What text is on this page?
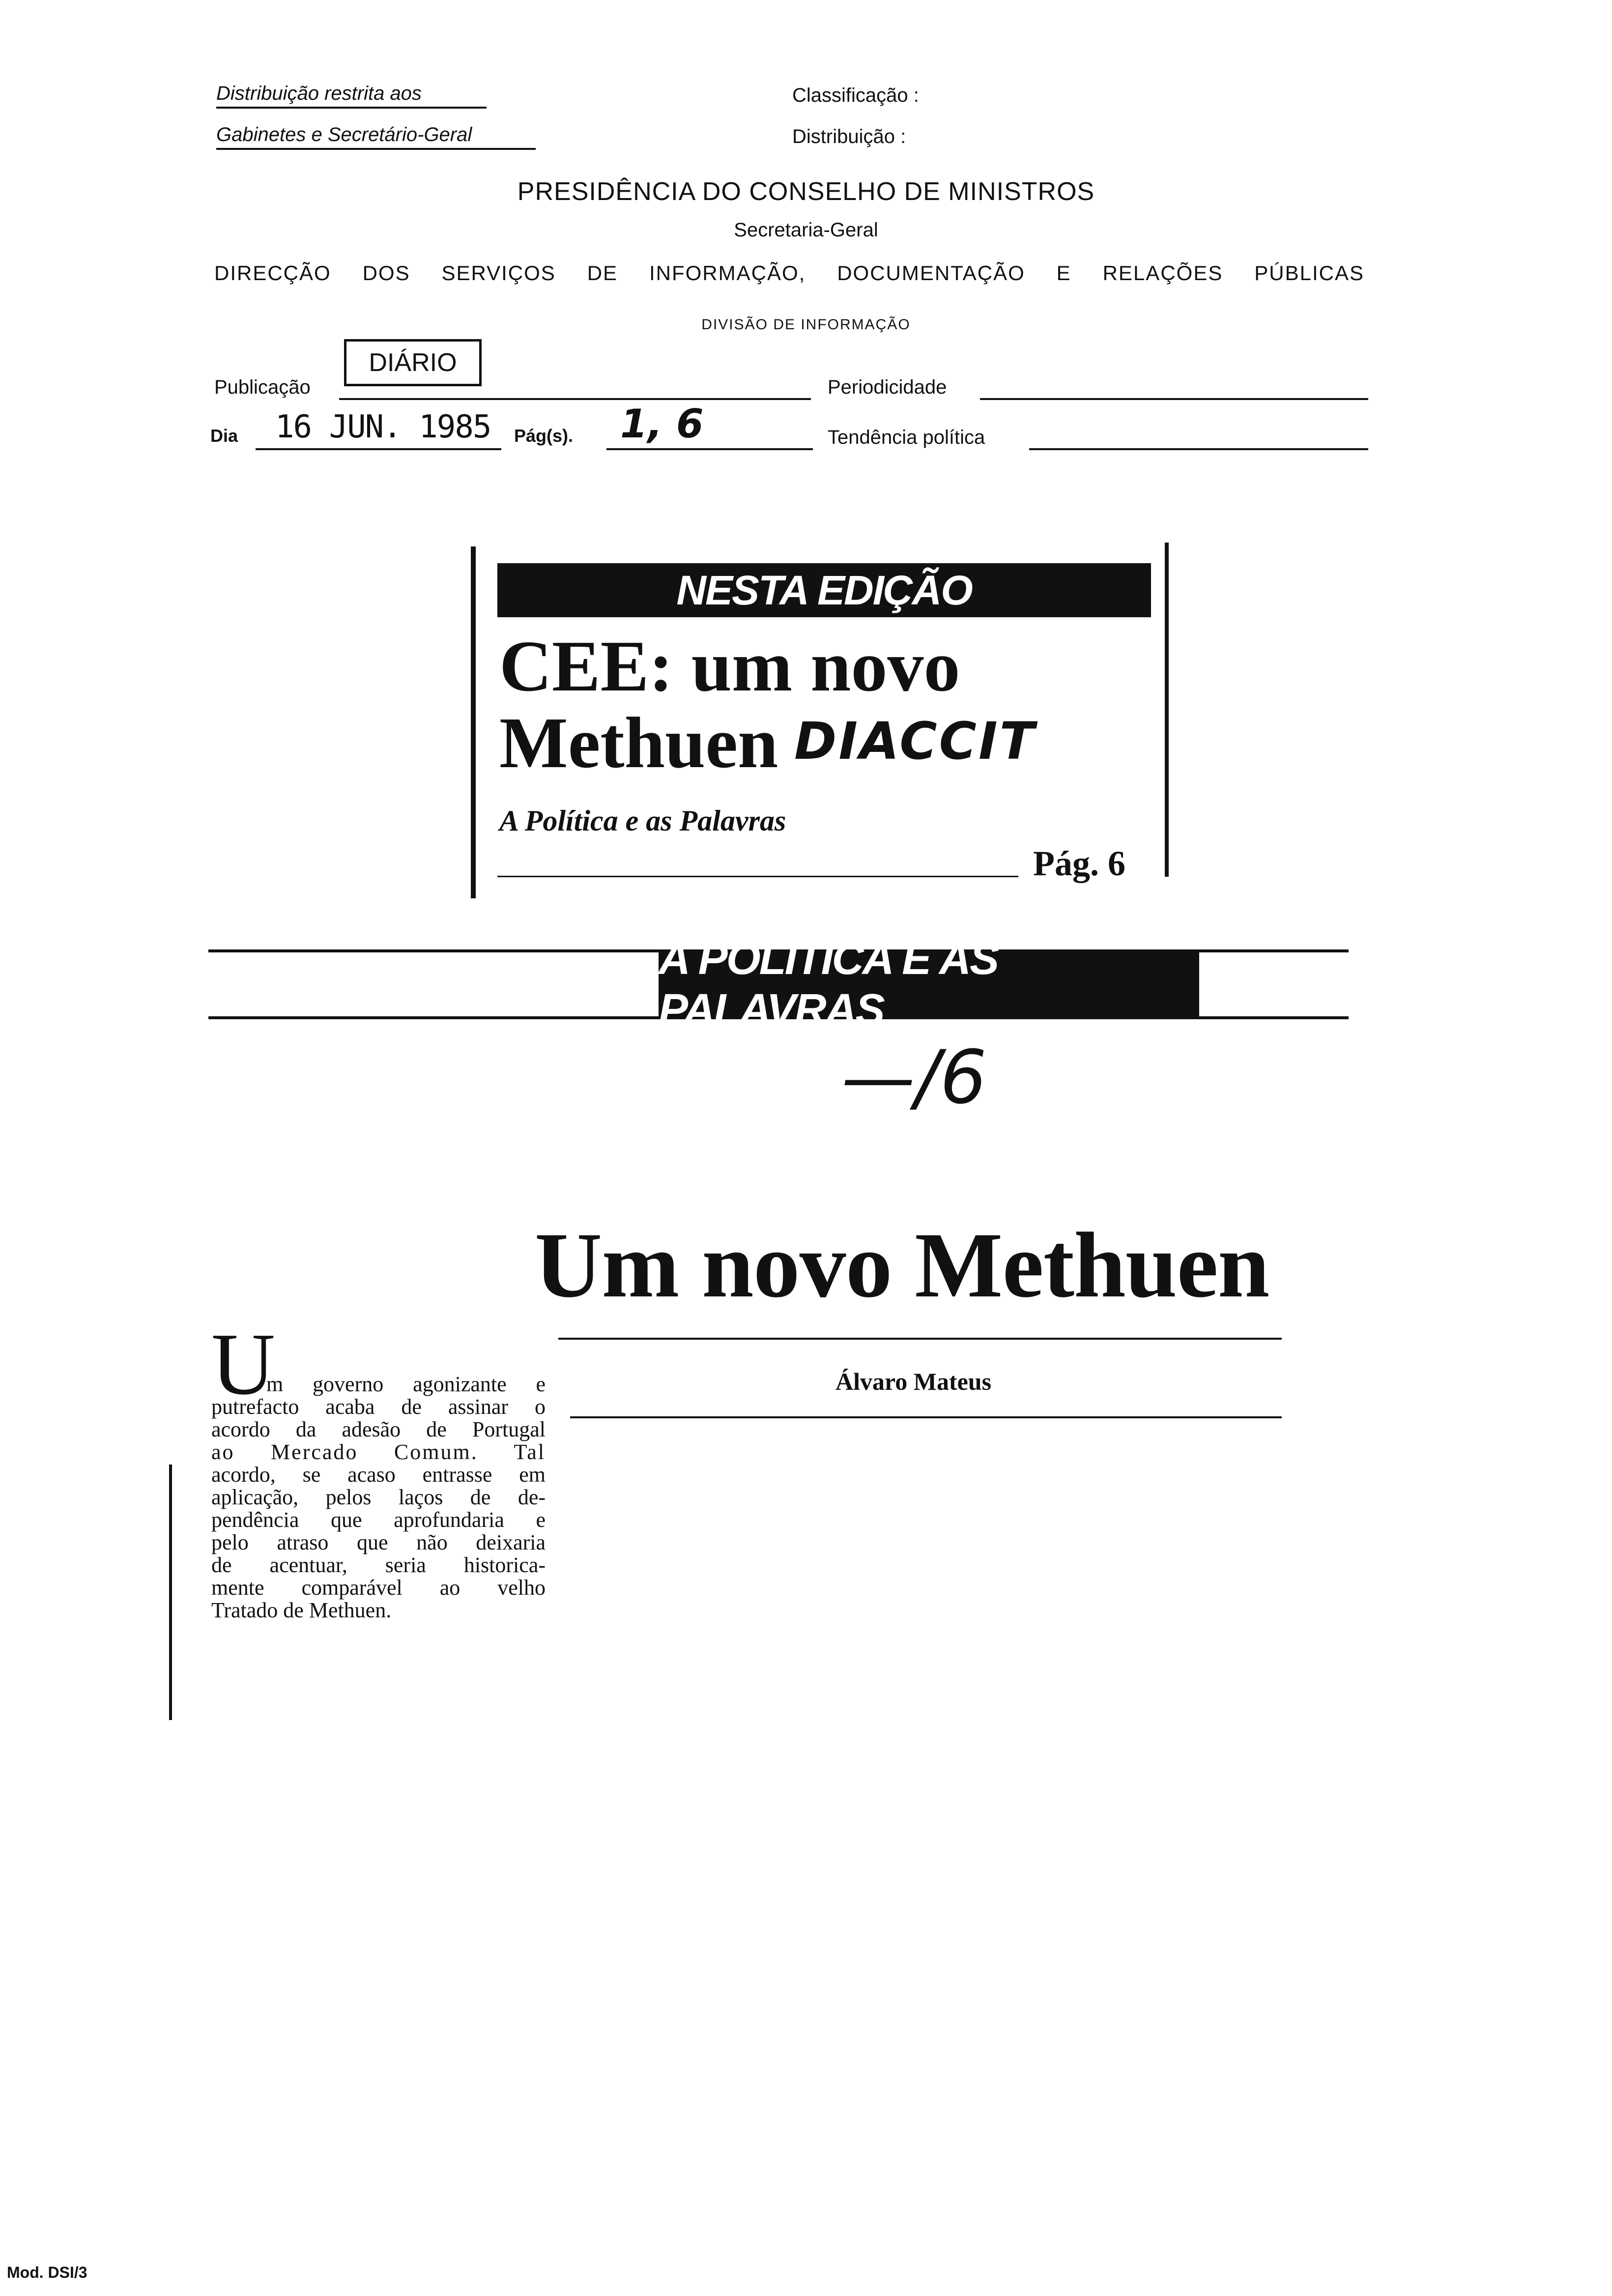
Distribuição restrita aos
Gabinetes e Secretário-Geral
Classificação :
Distribuição :
PRESIDÊNCIA DO CONSELHO DE MINISTROS
Secretaria-Geral
DIRECÇÃO DOS SERVIÇOS DE INFORMAÇÃO, DOCUMENTAÇÃO E RELAÇÕES PÚBLICAS
DIVISÃO DE INFORMAÇÃO
Publicação
DIÁRIO
Periodicidade
Dia 16 JUN. 1985 Pág(s). 1, 6	Tendência política
NESTA EDIÇÃO
CEE: um novo
Methuen DIACCIT
A Política e as Palavras
Pág. 6
A POLÍTICA E AS PALAVRAS
—/6
Um novo Methuen
Álvaro Mateus
U
m governo agonizante e
putrefacto acaba de assinar o
acordo da adesão de Portugal
ao Mercado Comum. Tal
acordo, se acaso entrasse em
aplicação, pelos laços de de-
pendência que aprofundaria e
pelo atraso que não deixaria
de acentuar, seria historica-
mente comparável ao velho
Tratado de Methuen.
Mod. DSI/3
